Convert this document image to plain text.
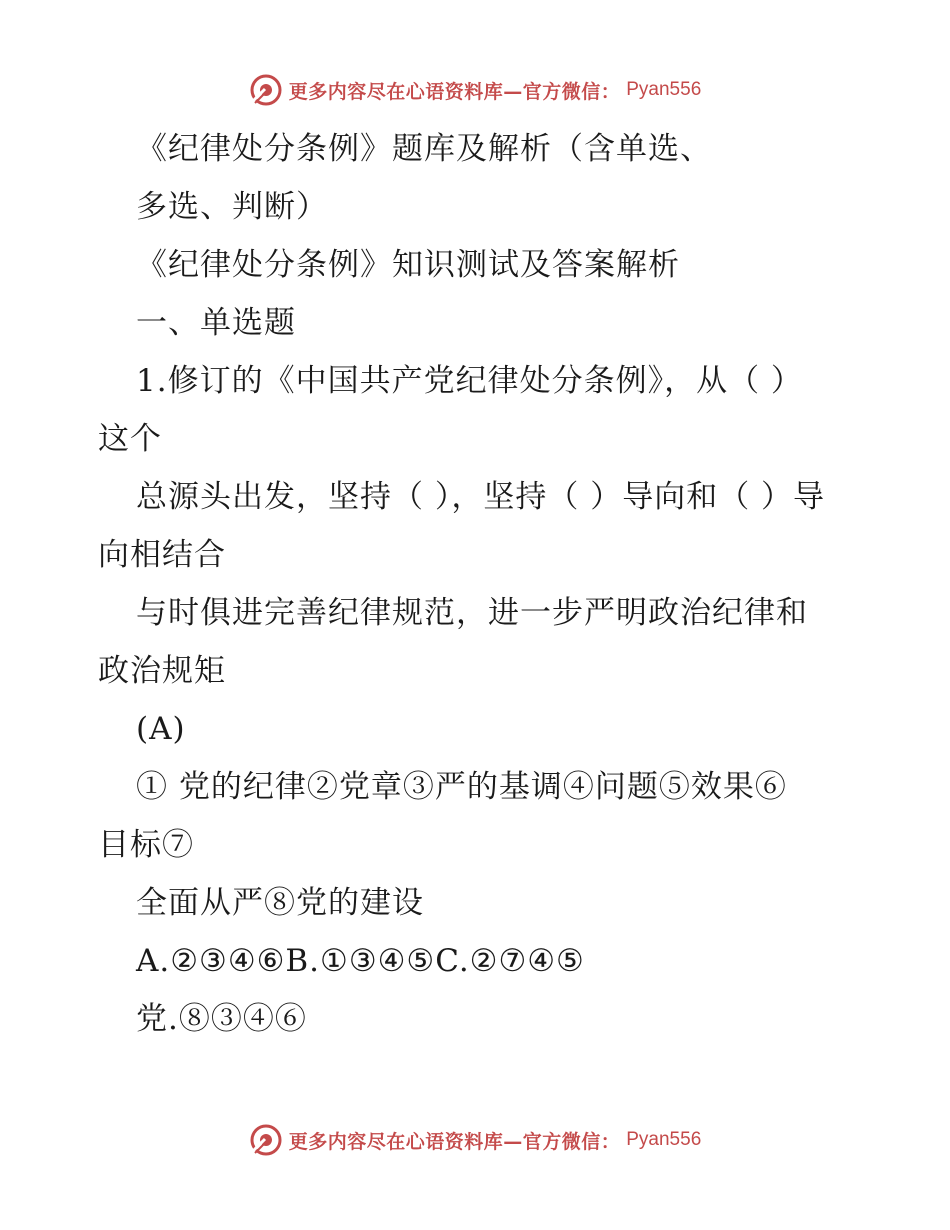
更多内容尽在心语资料库—官方微信： Pyan556
《纪律处分条例》题库及解析（含单选、
多选、判断）
《纪律处分条例》知识测试及答案解析
一、单选题
1.修订的《中国共产党纪律处分条例》，从（ ）
这个
总源头出发，坚持（ ），坚持（ ）导向和（ ）导
向相结合
与时俱进完善纪律规范，进一步严明政治纪律和
政治规矩
(A)
① 党的纪律②党章③严的基调④问题⑤效果⑥
目标⑦
全面从严⑧党的建设
A.②③④⑥B.①③④⑤C.②⑦④⑤
党.⑧③④⑥
更多内容尽在心语资料库—官方微信： Pyan556
